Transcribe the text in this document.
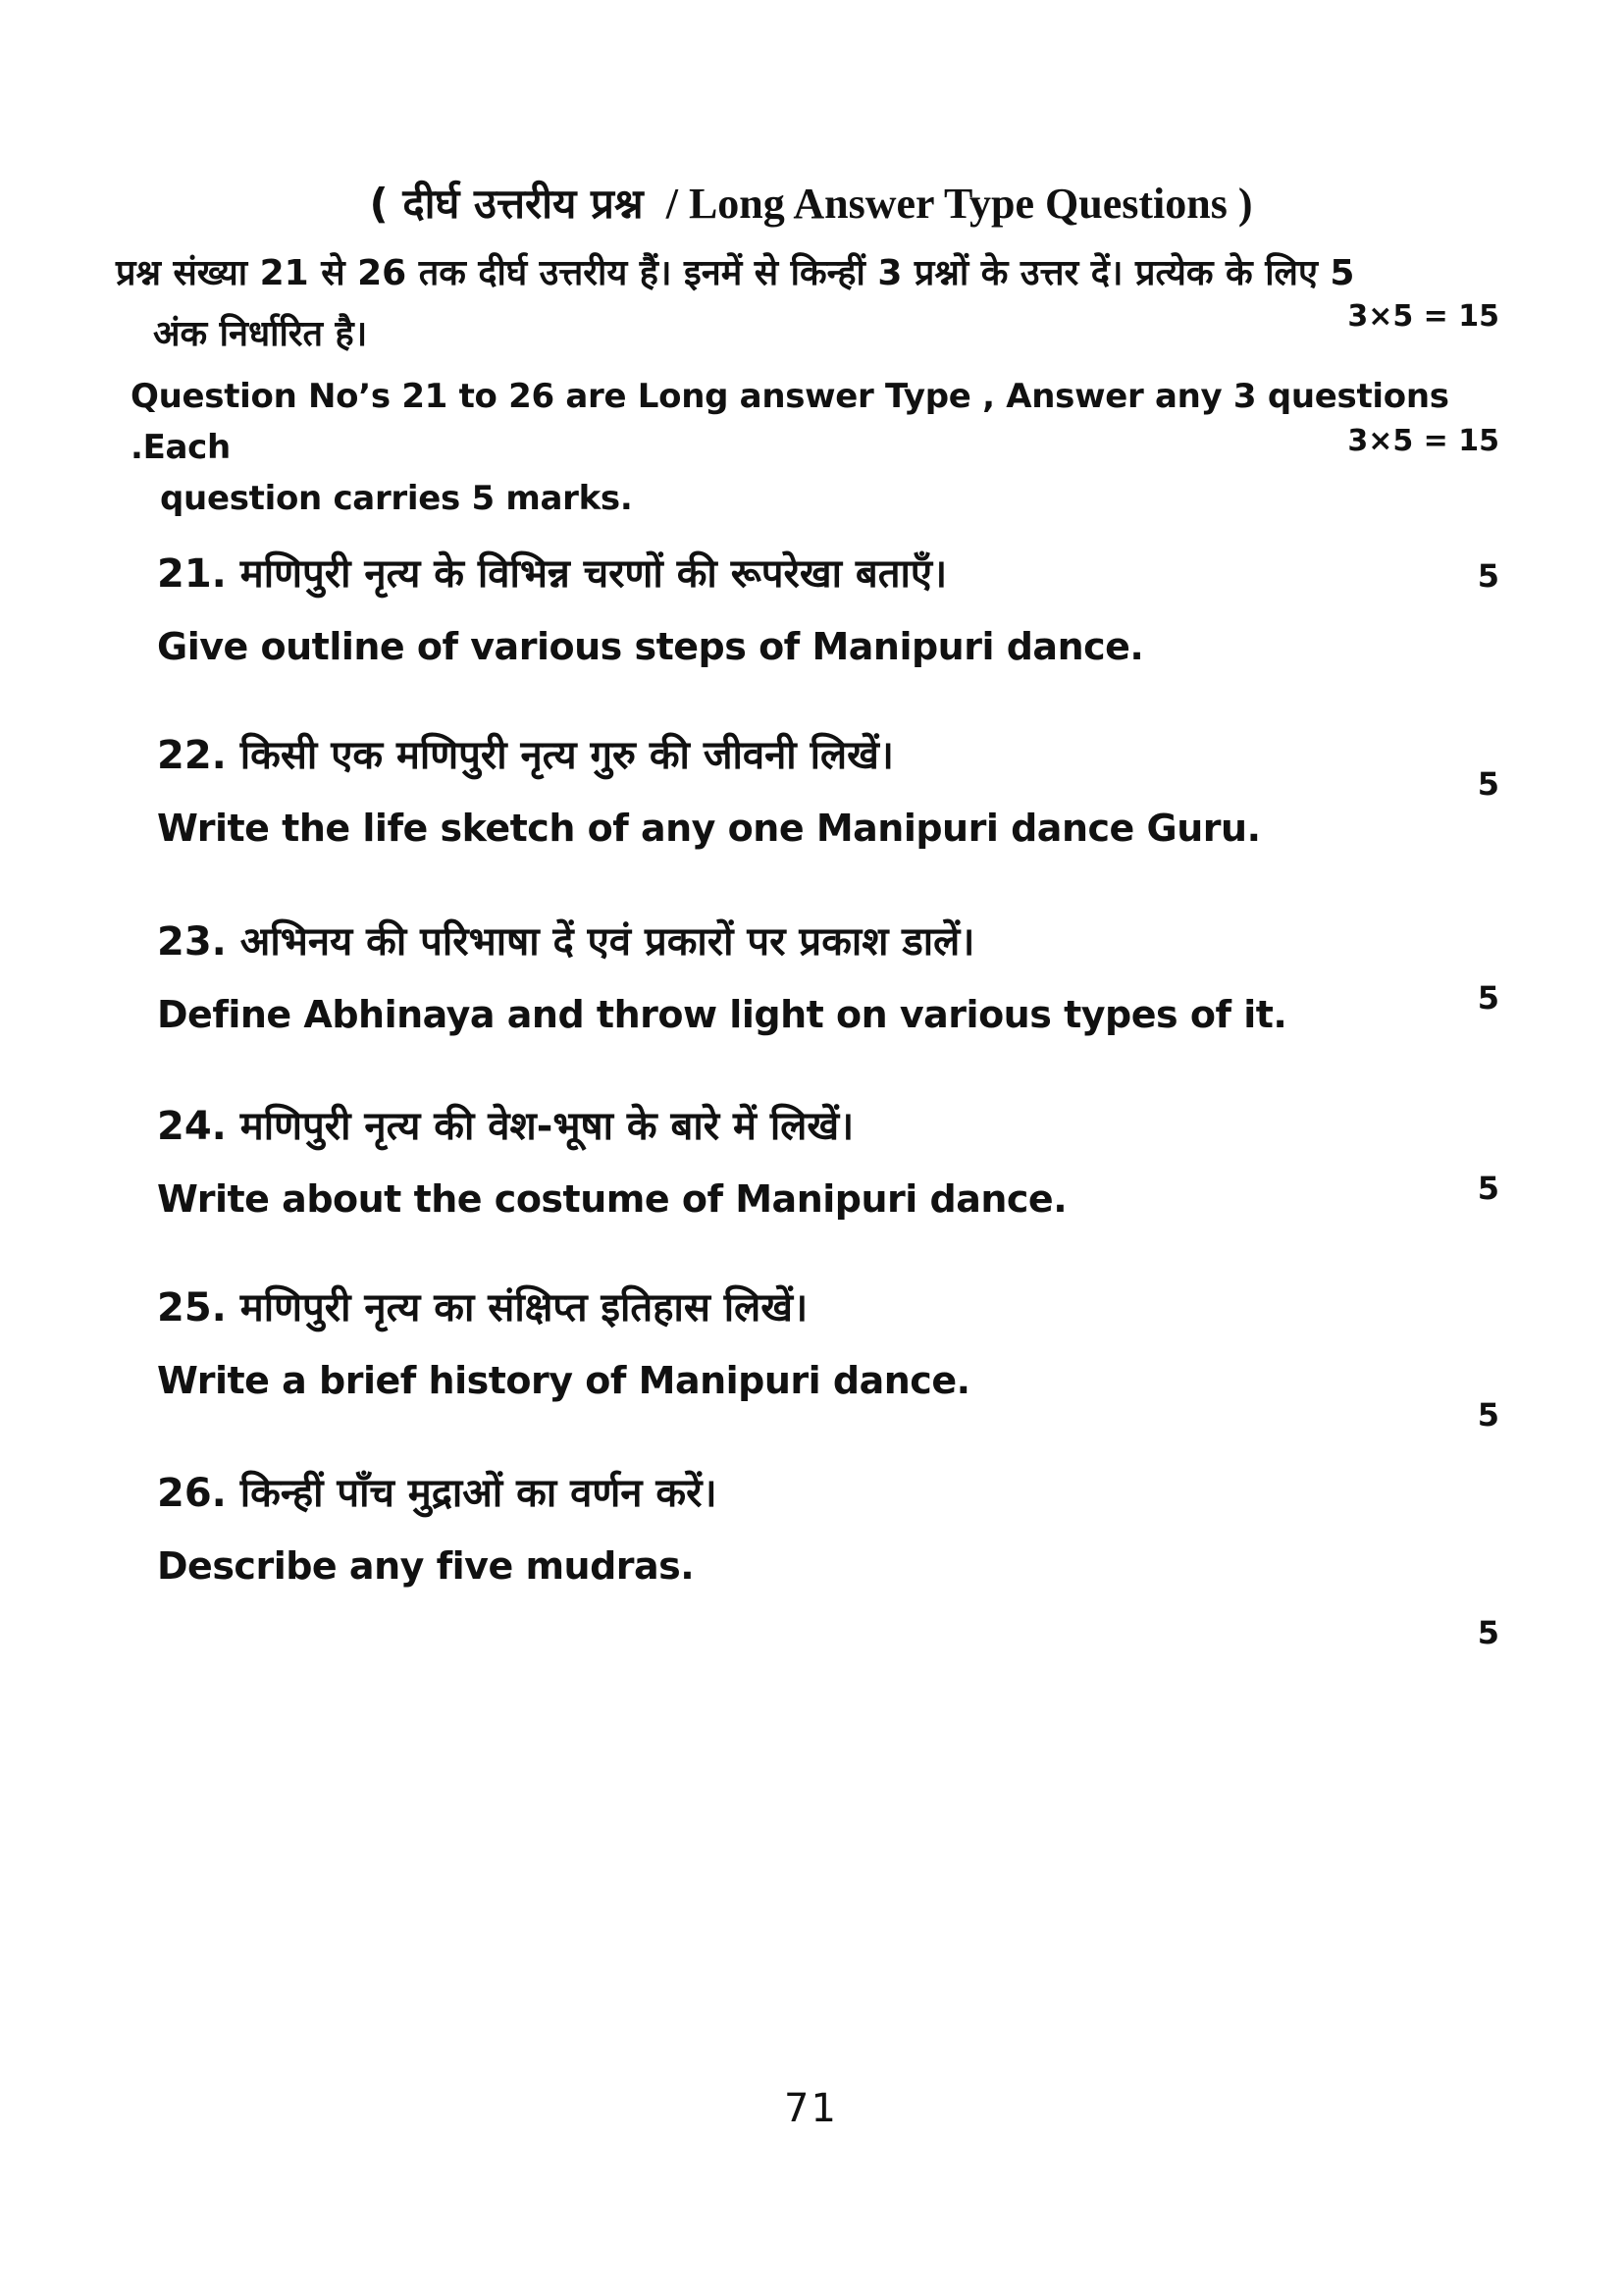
( दीर्घ उत्तरीय प्रश्न / Long Answer Type Questions )
प्रश्न संख्या 21 से 26 तक दीर्घ उत्तरीय हैं। इनमें से किन्हीं 3 प्रश्नों के उत्तर दें। प्रत्येक के लिए 5
अंक निर्धारित है।	3×5 = 15
Question No’s 21 to 26 are Long answer Type , Answer any 3 questions .Each
question carries 5 marks.
3×5 = 15
21. मणिपुरी नृत्य के विभिन्न चरणों की रूपरेखा बताएँ।
Give outline of various steps of Manipuri dance.
5
22. किसी एक मणिपुरी नृत्य गुरु की जीवनी लिखें।
Write the life sketch of any one Manipuri dance Guru.
5
23. अभिनय की परिभाषा दें एवं प्रकारों पर प्रकाश डालें।
Define Abhinaya and throw light on various types of it.	5
24. मणिपुरी नृत्य की वेश-भूषा के बारे में लिखें।
Write about the costume of Manipuri dance.	5
25. मणिपुरी नृत्य का संक्षिप्त इतिहास लिखें।
Write a brief history of Manipuri dance.
5
26. किन्हीं पाँच मुद्राओं का वर्णन करें।
Describe any five mudras.
5
71
